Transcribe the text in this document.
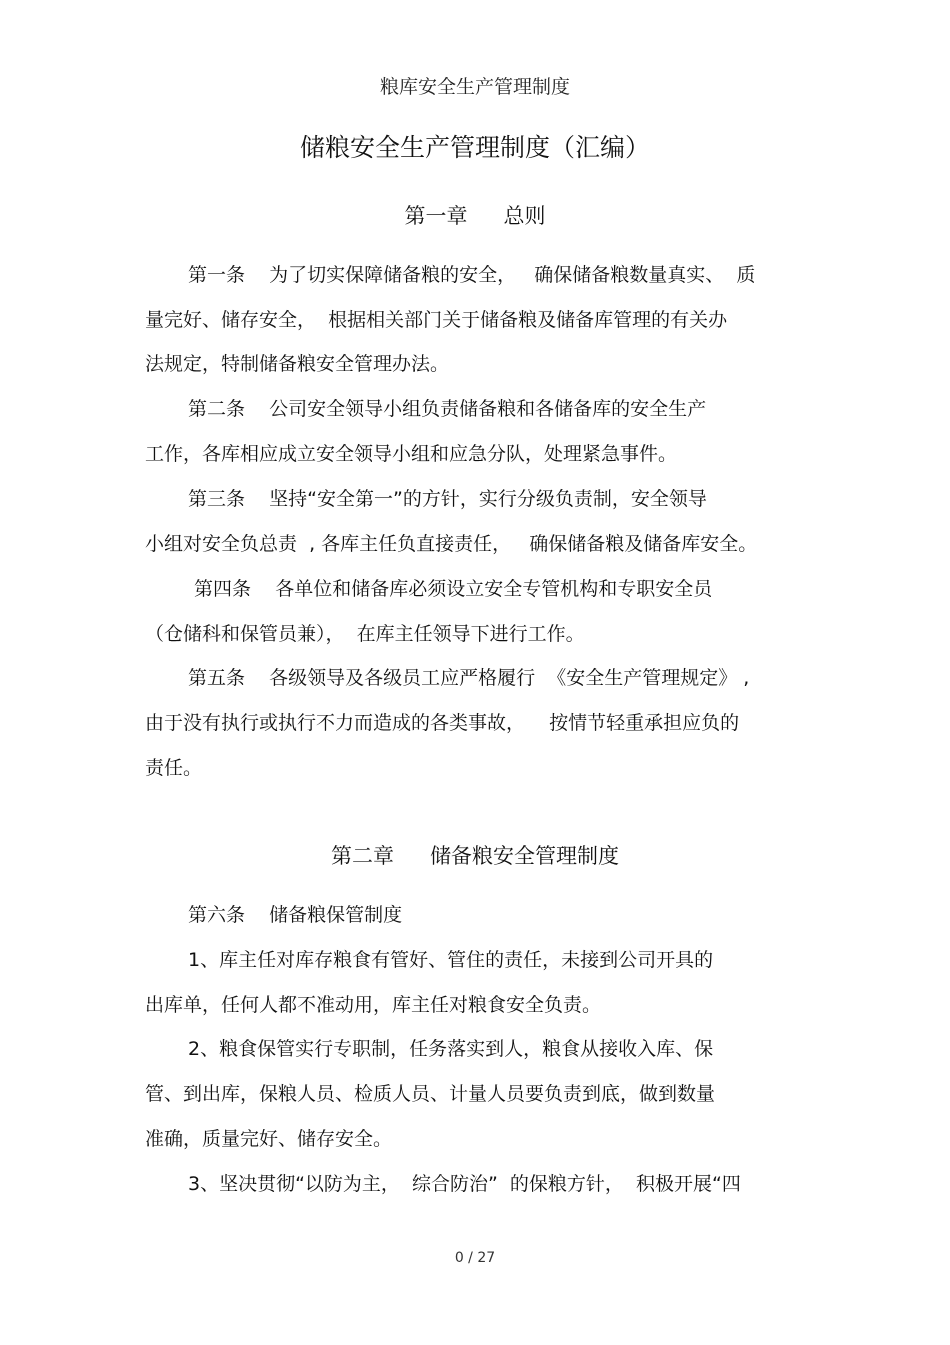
粮库安全生产管理制度
储粮安全生产管理制度（汇编）
第一章 总则
第一条    为了切实保障储备粮的安全，   确保储备粮数量真实、  质
量完好、储存安全，  根据相关部门关于储备粮及储备库管理的有关办
法规定，特制储备粮安全管理办法。
第二条    公司安全领导小组负责储备粮和各储备库的安全生产
工作，各库相应成立安全领导小组和应急分队，处理紧急事件。
第三条    坚持“安全第一”的方针，实行分级负责制，安全领导
小组对安全负总责  , 各库主任负直接责任，   确保储备粮及储备库安全。
第四条    各单位和储备库必须设立安全专管机构和专职安全员
（仓储科和保管员兼），  在库主任领导下进行工作。
第五条    各级领导及各级员工应严格履行  《安全生产管理规定》 ,
由于没有执行或执行不力而造成的各类事故，    按情节轻重承担应负的
责任。
第二章 储备粮安全管理制度
第六条    储备粮保管制度
1、库主任对库存粮食有管好、管住的责任，未接到公司开具的
出库单，任何人都不准动用，库主任对粮食安全负责。
2、粮食保管实行专职制，任务落实到人，粮食从接收入库、保
管、到出库，保粮人员、检质人员、计量人员要负责到底，做到数量
准确，质量完好、储存安全。
3、坚决贯彻“以防为主，  综合防治”  的保粮方针，  积极开展“四
0 / 27
